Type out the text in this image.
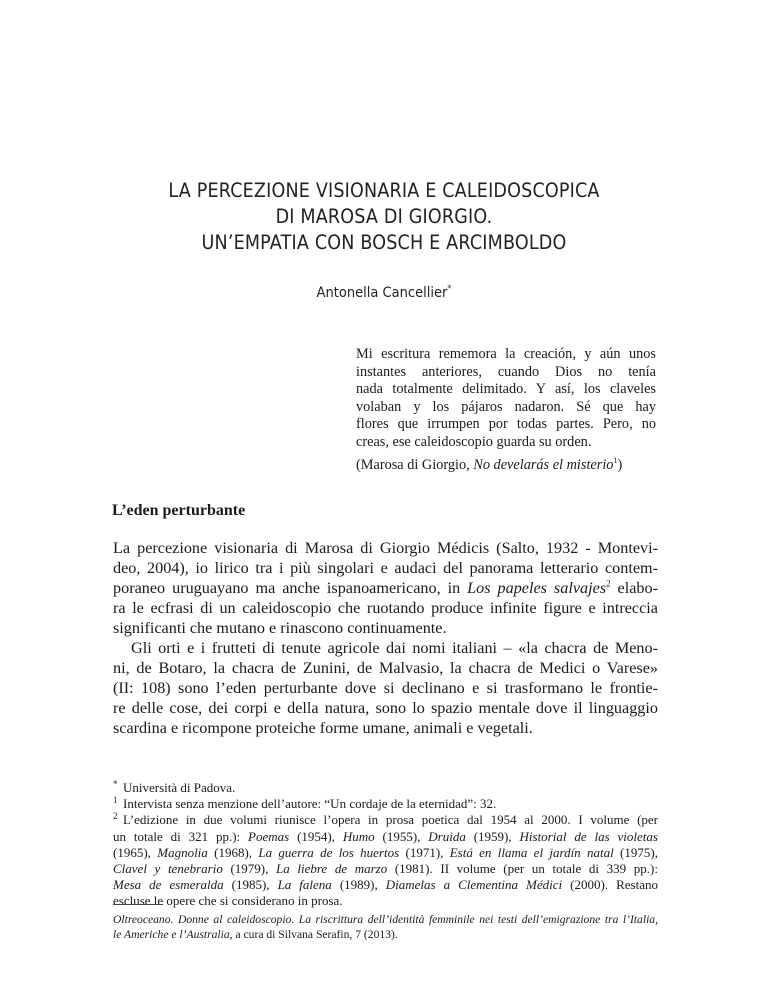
LA PERCEZIONE VISIONARIA E CALEIDOSCOPICA
DI MAROSA DI GIORGIO.
UN’EMPATIA CON BOSCH E ARCIMBOLDO
Antonella Cancellier*
Mi escritura rememora la creación, y aún unos
instantes anteriores, cuando Dios no tenía
nada totalmente delimitado. Y así, los claveles
volaban y los pájaros nadaron. Sé que hay
flores que irrumpen por todas partes. Pero, no
creas, ese caleidoscopio guarda su orden.
(Marosa di Giorgio, No develarás el misterio$^1$)
L’eden perturbante

La percezione visionaria di Marosa di Giorgio Médicis (Salto, 1932 - Montevi-
deo, 2004), io lirico tra i più singolari e audaci del panorama letterario contem-
poraneo uruguayano ma anche ispanoamericano, in Los papeles salvajes$^2$ elabo-
ra le ecfrasi di un caleidoscopio che ruotando produce infinite figure e intreccia
significanti che mutano e rinascono continuamente.

Gli orti e i frutteti di tenute agricole dai nomi italiani – «la chacra de Meno-
ni, de Botaro, la chacra de Zunini, de Malvasio, la chacra de Medici o Varese»
(II: 108) sono l’eden perturbante dove si declinano e si trasformano le frontie-
re delle cose, dei corpi e della natura, sono lo spazio mentale dove il linguaggio
scardina e ricompone proteiche forme umane, animali e vegetali.

* Università di Padova.
1 Intervista senza menzione dell’autore: “Un cordaje de la eternidad”: 32.
2 L’edizione in due volumi riunisce l’opera in prosa poetica dal 1954 al 2000. I volume (per
un totale di 321 pp.): Poemas (1954), Humo (1955), Druida (1959), Historial de las violetas
(1965), Magnolia (1968), La guerra de los huertos (1971), Está en llama el jardín natal (1975),
Clavel y tenebrario (1979), La liebre de marzo (1981). II volume (per un totale di 339 pp.):
Mesa de esmeralda (1985), La falena (1989), Diamelas a Clementina Médici (2000). Restano
escluse le opere che si considerano in prosa.
Oltreoceano. Donne al caleidoscopio. La riscrittura dell’identità femminile nei testi dell’emigrazione tra l’Italia,
le Americhe e l’Australia, a cura di Silvana Serafin, 7 (2013).
